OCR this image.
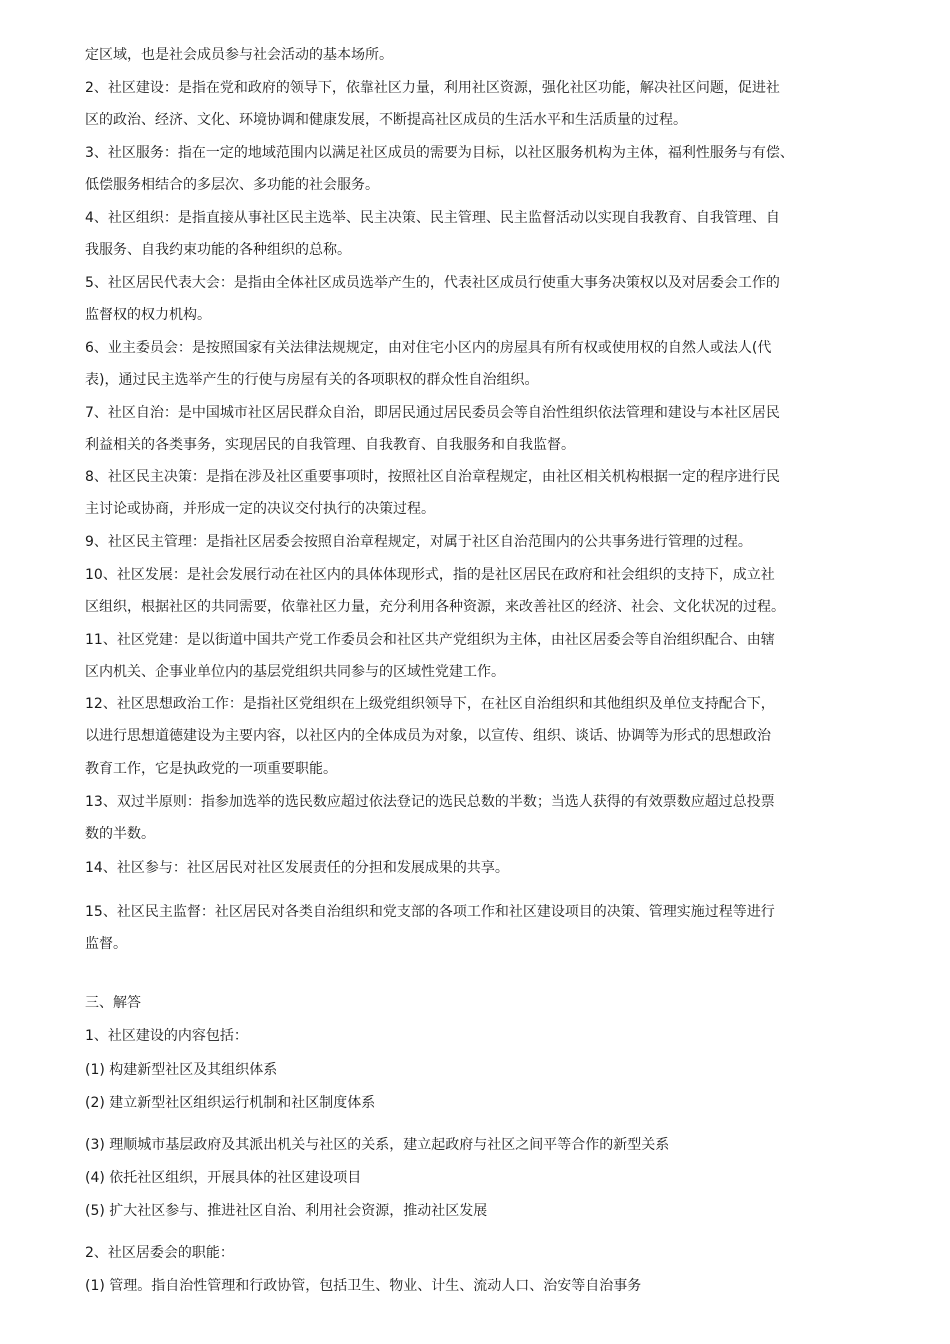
定区域，也是社会成员参与社会活动的基本场所。
2、社区建设：是指在党和政府的领导下，依靠社区力量，利用社区资源，强化社区功能，解决社区问题，促进社
区的政治、经济、文化、环境协调和健康发展，不断提高社区成员的生活水平和生活质量的过程。
3、社区服务：指在一定的地域范围内以满足社区成员的需要为目标，以社区服务机构为主体，福利性服务与有偿、
低偿服务相结合的多层次、多功能的社会服务。
4、社区组织：是指直接从事社区民主选举、民主决策、民主管理、民主监督活动以实现自我教育、自我管理、自
我服务、自我约束功能的各种组织的总称。
5、社区居民代表大会：是指由全体社区成员选举产生的，代表社区成员行使重大事务决策权以及对居委会工作的
监督权的权力机构。
6、业主委员会：是按照国家有关法律法规规定，由对住宅小区内的房屋具有所有权或使用权的自然人或法人(代
表)，通过民主选举产生的行使与房屋有关的各项职权的群众性自治组织。
7、社区自治：是中国城市社区居民群众自治，即居民通过居民委员会等自治性组织依法管理和建设与本社区居民
利益相关的各类事务，实现居民的自我管理、自我教育、自我服务和自我监督。
8、社区民主决策：是指在涉及社区重要事项时，按照社区自治章程规定，由社区相关机构根据一定的程序进行民
主讨论或协商，并形成一定的决议交付执行的决策过程。
9、社区民主管理：是指社区居委会按照自治章程规定，对属于社区自治范围内的公共事务进行管理的过程。
10、社区发展：是社会发展行动在社区内的具体体现形式，指的是社区居民在政府和社会组织的支持下，成立社
区组织，根据社区的共同需要，依靠社区力量，充分利用各种资源，来改善社区的经济、社会、文化状况的过程。
11、社区党建：是以街道中国共产党工作委员会和社区共产党组织为主体，由社区居委会等自治组织配合、由辖
区内机关、企事业单位内的基层党组织共同参与的区域性党建工作。
12、社区思想政治工作：是指社区党组织在上级党组织领导下，在社区自治组织和其他组织及单位支持配合下，
以进行思想道德建设为主要内容，以社区内的全体成员为对象，以宣传、组织、谈话、协调等为形式的思想政治
教育工作，它是执政党的一项重要职能。
13、双过半原则：指参加选举的选民数应超过依法登记的选民总数的半数；当选人获得的有效票数应超过总投票
数的半数。
14、社区参与：社区居民对社区发展责任的分担和发展成果的共享。
15、社区民主监督：社区居民对各类自治组织和党支部的各项工作和社区建设项目的决策、管理实施过程等进行
监督。
三、解答
1、社区建设的内容包括：
(1) 构建新型社区及其组织体系
(2) 建立新型社区组织运行机制和社区制度体系
(3) 理顺城市基层政府及其派出机关与社区的关系，建立起政府与社区之间平等合作的新型关系
(4) 依托社区组织，开展具体的社区建设项目
(5) 扩大社区参与、推进社区自治、利用社会资源，推动社区发展
2、社区居委会的职能：
(1) 管理。指自治性管理和行政协管，包括卫生、物业、计生、流动人口、治安等自治事务
